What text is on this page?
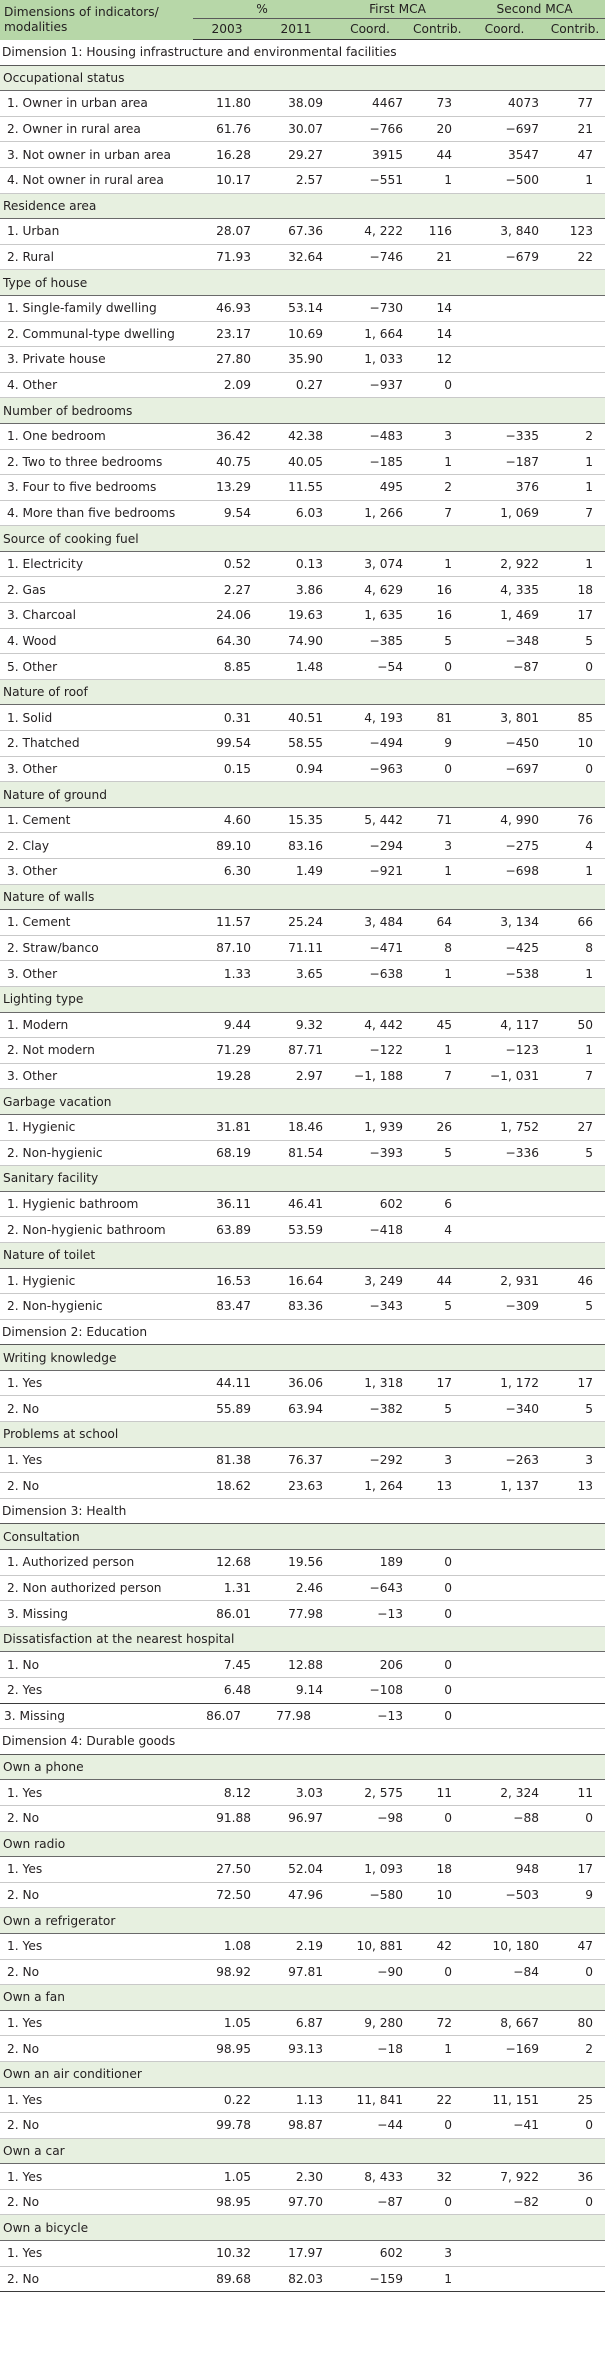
Dimensions of indicators/
modalities	%		First MCA		Second MCA	
	2003	2011	Coord.	Contrib.	Coord.	Contrib.
Dimension 1: Housing infrastructure and environmental facilities						
Occupational status						
1. Owner in urban area	11.80	38.09	4467	73	4073	77
2. Owner in rural area	61.76	30.07	−766	20	−697	21
3. Not owner in urban area	16.28	29.27	3915	44	3547	47
4. Not owner in rural area	10.17	2.57	−551	1	−500	1
Residence area						
1. Urban	28.07	67.36	4, 222	116	3, 840	123
2. Rural	71.93	32.64	−746	21	−679	22
Type of house						
1. Single-family dwelling	46.93	53.14	−730	14		
2. Communal-type dwelling	23.17	10.69	1, 664	14		
3. Private house	27.80	35.90	1, 033	12		
4. Other	2.09	0.27	−937	0		
Number of bedrooms						
1. One bedroom	36.42	42.38	−483	3	−335	2
2. Two to three bedrooms	40.75	40.05	−185	1	−187	1
3. Four to five bedrooms	13.29	11.55	495	2	376	1
4. More than five bedrooms	9.54	6.03	1, 266	7	1, 069	7
Source of cooking fuel						
1. Electricity	0.52	0.13	3, 074	1	2, 922	1
2. Gas	2.27	3.86	4, 629	16	4, 335	18
3. Charcoal	24.06	19.63	1, 635	16	1, 469	17
4. Wood	64.30	74.90	−385	5	−348	5
5. Other	8.85	1.48	−54	0	−87	0
Nature of roof						
1. Solid	0.31	40.51	4, 193	81	3, 801	85
2. Thatched	99.54	58.55	−494	9	−450	10
3. Other	0.15	0.94	−963	0	−697	0
Nature of ground						
1. Cement	4.60	15.35	5, 442	71	4, 990	76
2. Clay	89.10	83.16	−294	3	−275	4
3. Other	6.30	1.49	−921	1	−698	1
Nature of walls						
1. Cement	11.57	25.24	3, 484	64	3, 134	66
2. Straw/banco	87.10	71.11	−471	8	−425	8
3. Other	1.33	3.65	−638	1	−538	1
Lighting type						
1. Modern	9.44	9.32	4, 442	45	4, 117	50
2. Not modern	71.29	87.71	−122	1	−123	1
3. Other	19.28	2.97	−1, 188	7	−1, 031	7
Garbage vacation						
1. Hygienic	31.81	18.46	1, 939	26	1, 752	27
2. Non-hygienic	68.19	81.54	−393	5	−336	5
Sanitary facility						
1. Hygienic bathroom	36.11	46.41	602	6		
2. Non-hygienic bathroom	63.89	53.59	−418	4		
Nature of toilet						
1. Hygienic	16.53	16.64	3, 249	44	2, 931	46
2. Non-hygienic	83.47	83.36	−343	5	−309	5
Dimension 2: Education						
Writing knowledge						
1. Yes	44.11	36.06	1, 318	17	1, 172	17
2. No	55.89	63.94	−382	5	−340	5
Problems at school						
1. Yes	81.38	76.37	−292	3	−263	3
2. No	18.62	23.63	1, 264	13	1, 137	13
Dimension 3: Health						
Consultation						
1. Authorized person	12.68	19.56	189	0		
2. Non authorized person	1.31	2.46	−643	0		
3. Missing	86.01	77.98	−13	0		
Dissatisfaction at the nearest hospital						
1. No	7.45	12.88	206	0		
2. Yes	6.48	9.14	−108	0		
3. Missing	86.07	77.98	−13	0		
Dimension 4: Durable goods						
Own a phone						
1. Yes	8.12	3.03	2, 575	11	2, 324	11
2. No	91.88	96.97	−98	0	−88	0
Own radio						
1. Yes	27.50	52.04	1, 093	18	948	17
2. No	72.50	47.96	−580	10	−503	9
Own a refrigerator						
1. Yes	1.08	2.19	10, 881	42	10, 180	47
2. No	98.92	97.81	−90	0	−84	0
Own a fan						
1. Yes	1.05	6.87	9, 280	72	8, 667	80
2. No	98.95	93.13	−18	1	−169	2
Own an air conditioner						
1. Yes	0.22	1.13	11, 841	22	11, 151	25
2. No	99.78	98.87	−44	0	−41	0
Own a car						
1. Yes	1.05	2.30	8, 433	32	7, 922	36
2. No	98.95	97.70	−87	0	−82	0
Own a bicycle						
1. Yes	10.32	17.97	602	3		
2. No	89.68	82.03	−159	1		
